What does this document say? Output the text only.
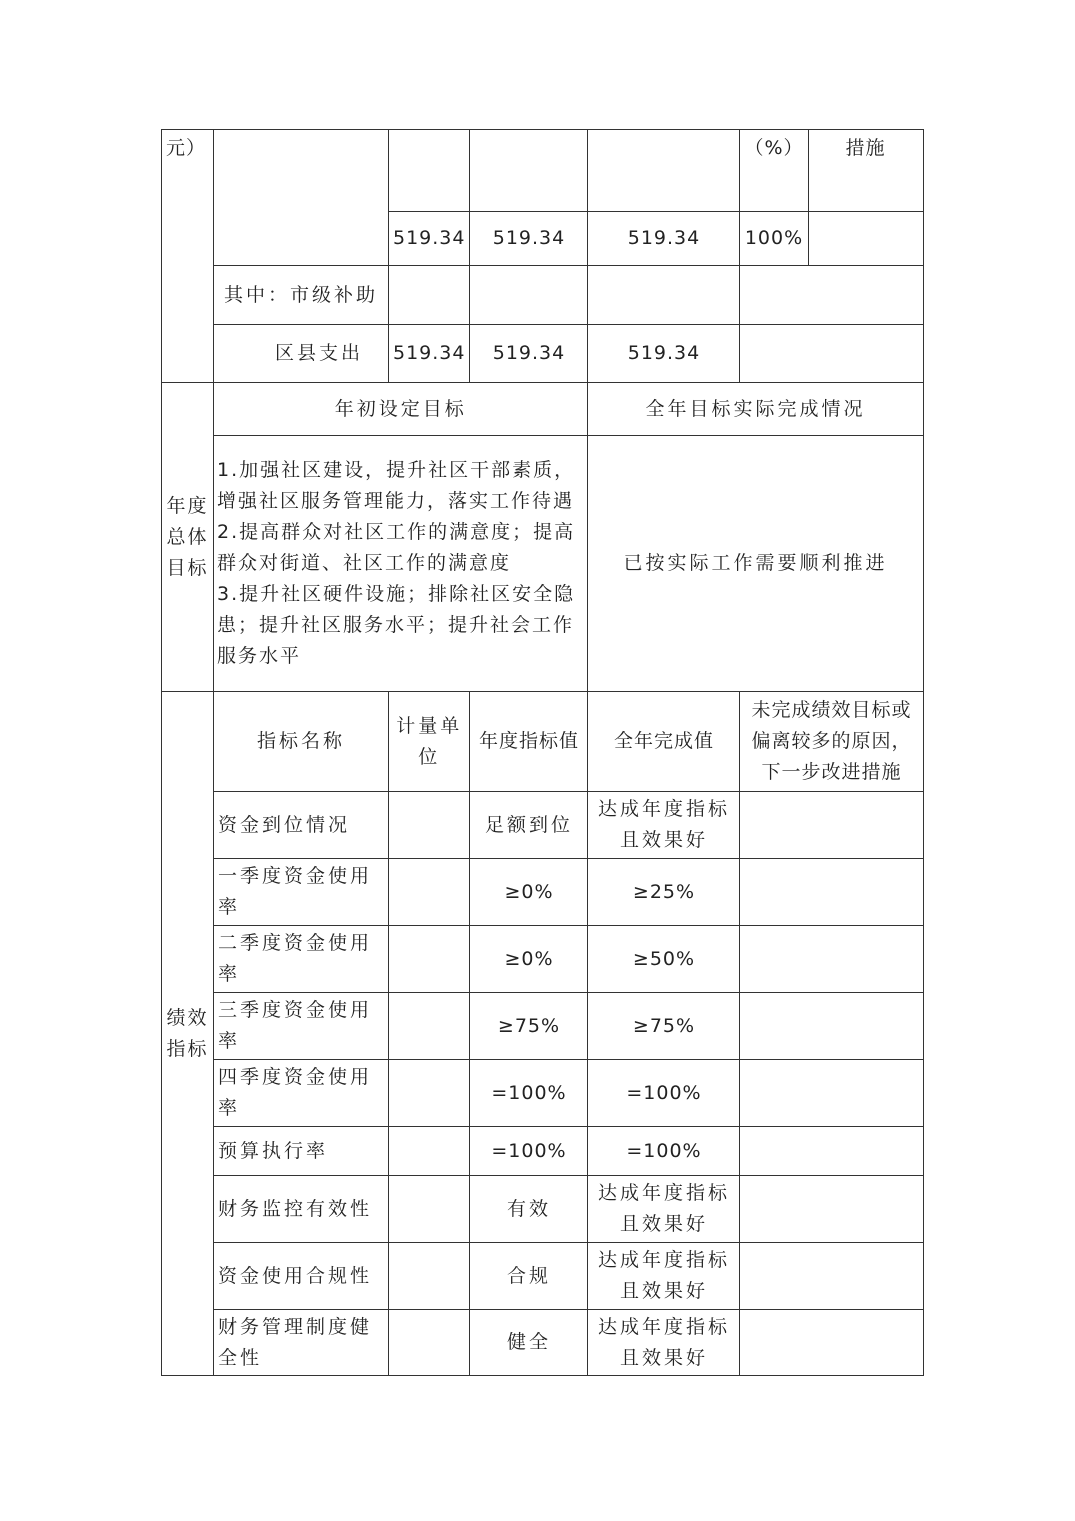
元）					（%）	措施
		519.34	519.34	519.34	100%	
	其中：市级补助					
	区县支出	519.34	519.34	519.34		
年度总体目标	年初设定目标			全年目标实际完成情况		

	1.加强社区建设，提升社区干部素质，增强社区服务管理能力，落实工作待遇
2.提高群众对社区工作的满意度；提高群众对街道、社区工作的满意度
3.提升社区硬件设施；排除社区安全隐患；提升社区服务水平；提升社会工作服务水平			已按实际工作需要顺利推进		
绩效指标	指标名称	计量单位	年度指标值	全年完成值	未完成绩效目标或偏离较多的原因，下一步改进措施	
	资金到位情况		足额到位	达成年度指标且效果好		
	一季度资金使用率		≥0%	≥25%		
	二季度资金使用率		≥0%	≥50%		
	三季度资金使用率		≥75%	≥75%		
	四季度资金使用率		=100%	=100%		
	预算执行率		=100%	=100%		
	财务监控有效性		有效	达成年度指标且效果好		
	资金使用合规性		合规	达成年度指标且效果好		
	财务管理制度健全性		健全	达成年度指标且效果好		
